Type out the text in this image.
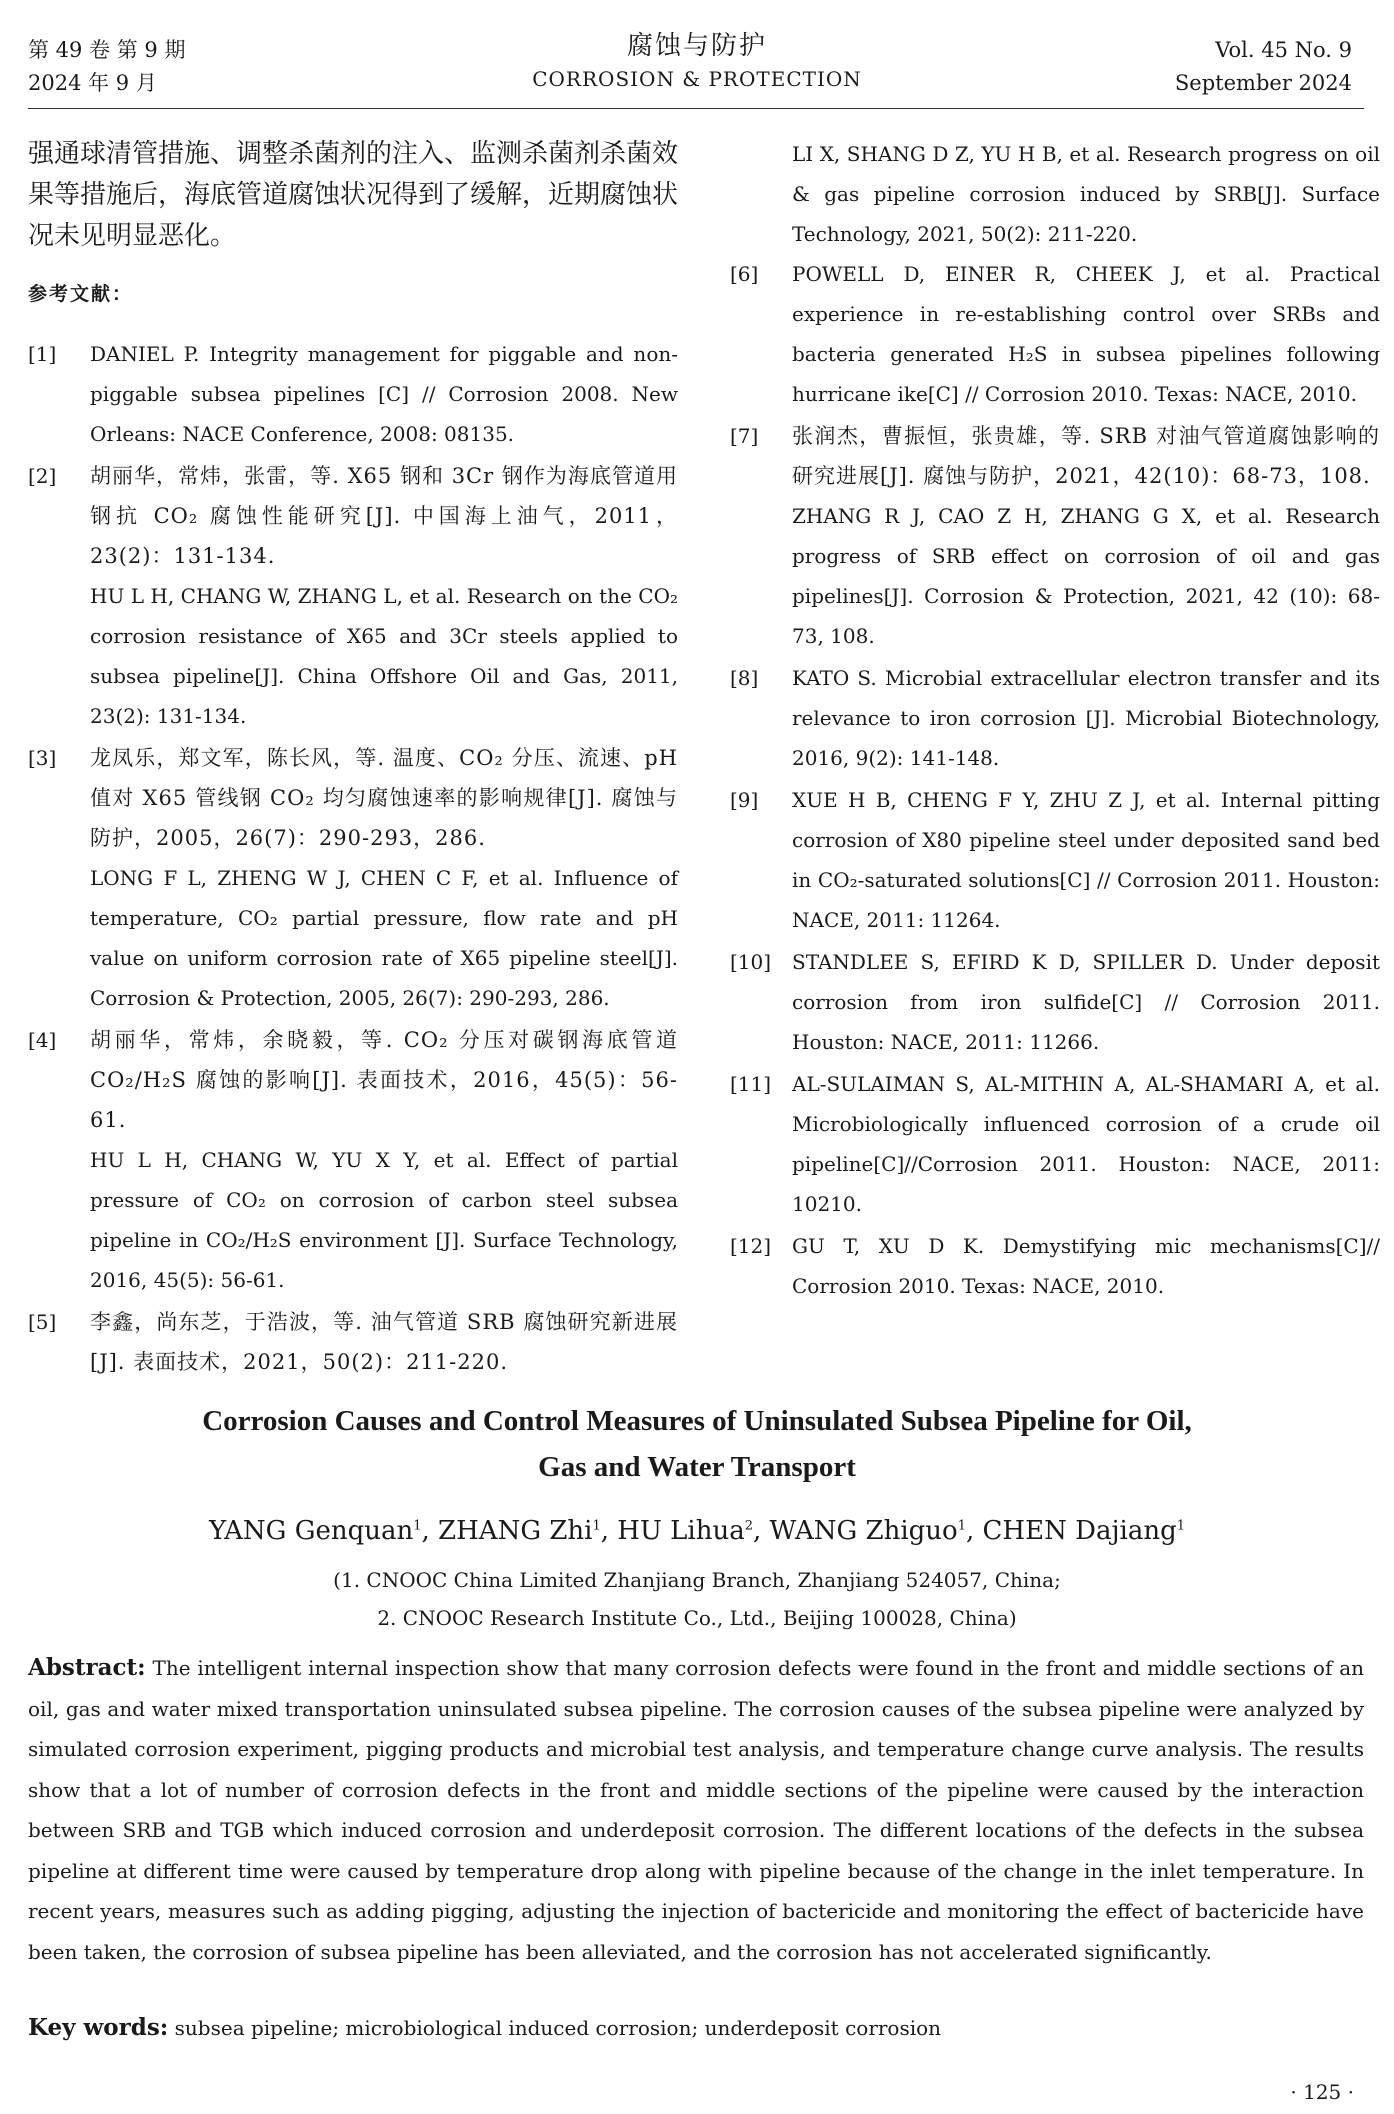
第 49 卷 第 9 期
2024 年 9 月
腐蚀与防护
CORROSION & PROTECTION
Vol. 45 No. 9
September 2024

强通球清管措施、调整杀菌剂的注入、监测杀菌剂杀菌效果等措施后，海底管道腐蚀状况得到了缓解，近期腐蚀状况未见明显恶化。

参考文献：
[1]	DANIEL P. Integrity management for piggable and non-piggable subsea pipelines [C] // Corrosion 2008. New Orleans: NACE Conference, 2008: 08135.

[2]	胡丽华，常炜，张雷，等. X65 钢和 3Cr 钢作为海底管道用钢抗 CO₂ 腐蚀性能研究[J]. 中国海上油气，2011，23(2)：131-134.

HU L H, CHANG W, ZHANG L, et al. Research on the CO₂ corrosion resistance of X65 and 3Cr steels applied to subsea pipeline[J]. China Offshore Oil and Gas, 2011, 23(2): 131-134.

[3]	龙凤乐，郑文军，陈长风，等. 温度、CO₂ 分压、流速、pH 值对 X65 管线钢 CO₂ 均匀腐蚀速率的影响规律[J]. 腐蚀与防护，2005，26(7)：290-293，286.

LONG F L, ZHENG W J, CHEN C F, et al. Influence of temperature, CO₂ partial pressure, flow rate and pH value on uniform corrosion rate of X65 pipeline steel[J]. Corrosion & Protection, 2005, 26(7): 290-293, 286.

[4]	胡丽华，常炜，余晓毅，等. CO₂ 分压对碳钢海底管道 CO₂/H₂S 腐蚀的影响[J]. 表面技术，2016，45(5)：56-61.

HU L H, CHANG W, YU X Y, et al. Effect of partial pressure of CO₂ on corrosion of carbon steel subsea pipeline in CO₂/H₂S environment [J]. Surface Technology, 2016, 45(5): 56-61.

[5]	李鑫，尚东芝，于浩波，等. 油气管道 SRB 腐蚀研究新进展[J]. 表面技术，2021，50(2)：211-220.

LI X, SHANG D Z, YU H B, et al. Research progress on oil & gas pipeline corrosion induced by SRB[J]. Surface Technology, 2021, 50(2): 211-220.
[6]	POWELL D, EINER R, CHEEK J, et al. Practical experience in re-establishing control over SRBs and bacteria generated H₂S in subsea pipelines following hurricane ike[C] // Corrosion 2010. Texas: NACE, 2010.

[7]	张润杰，曹振恒，张贵雄，等. SRB 对油气管道腐蚀影响的研究进展[J]. 腐蚀与防护，2021，42(10)：68-73，108.

ZHANG R J, CAO Z H, ZHANG G X, et al. Research progress of SRB effect on corrosion of oil and gas pipelines[J]. Corrosion & Protection, 2021, 42 (10): 68-73, 108.

[8]	KATO S. Microbial extracellular electron transfer and its relevance to iron corrosion [J]. Microbial Biotechnology, 2016, 9(2): 141-148.

[9]	XUE H B, CHENG F Y, ZHU Z J, et al. Internal pitting corrosion of X80 pipeline steel under deposited sand bed in CO₂-saturated solutions[C] // Corrosion 2011. Houston: NACE, 2011: 11264.

[10]	STANDLEE S, EFIRD K D, SPILLER D. Under deposit corrosion from iron sulfide[C] // Corrosion 2011. Houston: NACE, 2011: 11266.

[11]	AL-SULAIMAN S, AL-MITHIN A, AL-SHAMARI A, et al. Microbiologically influenced corrosion of a crude oil pipeline[C]//Corrosion 2011. Houston: NACE, 2011: 10210.

[12]	GU T, XU D K. Demystifying mic mechanisms[C]// Corrosion 2010. Texas: NACE, 2010.

Corrosion Causes and Control Measures of Uninsulated Subsea Pipeline for Oil,
Gas and Water Transport
YANG Genquan$^1$, ZHANG Zhi$^1$, HU Lihua$^2$, WANG Zhiguo$^1$, CHEN Dajiang$^1$
(1. CNOOC China Limited Zhanjiang Branch, Zhanjiang 524057, China;
2. CNOOC Research Institute Co., Ltd., Beijing 100028, China)
Abstract: The intelligent internal inspection show that many corrosion defects were found in the front and middle sections of an oil, gas and water mixed transportation uninsulated subsea pipeline. The corrosion causes of the subsea pipeline were analyzed by simulated corrosion experiment, pigging products and microbial test analysis, and temperature change curve analysis. The results show that a lot of number of corrosion defects in the front and middle sections of the pipeline were caused by the interaction between SRB and TGB which induced corrosion and underdeposit corrosion. The different locations of the defects in the subsea pipeline at different time were caused by temperature drop along with pipeline because of the change in the inlet temperature. In recent years, measures such as adding pigging, adjusting the injection of bactericide and monitoring the effect of bactericide have been taken, the corrosion of subsea pipeline has been alleviated, and the corrosion has not accelerated significantly.
Key words: subsea pipeline; microbiological induced corrosion; underdeposit corrosion
· 125 ·
